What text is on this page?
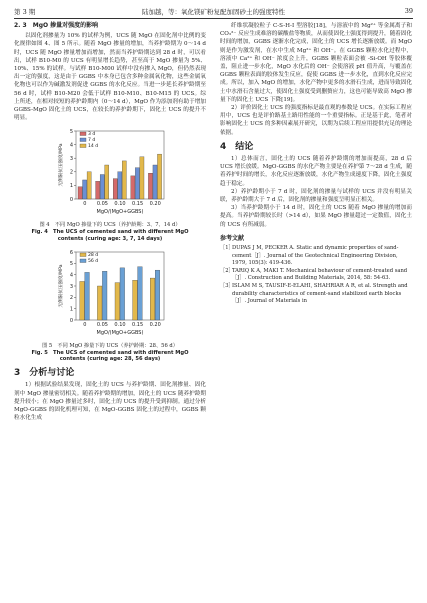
第 3 期	陆加越，等：氧化镁矿粉复配加固砂土的强度特性	39
2. 3　MgO 掺量对强度的影响

以固化剂掺量为 10% 的试样为例，UCS 随 MgO 在固化剂中比例的变化规律如图 4、图 5 所示。随着 MgO 掺量的增加，当养护龄期为 0～14 d 时，UCS 随 MgO 掺量增加而增加，然而当养护龄期达到 28 d 时，可以看出，试样 B10-M0 的 UCS 有明显增长趋势，甚至高于 MgO 掺量为 5%、10%、15% 的试样。与试样 B10-M00 试样中没有掺入 MgO，但仍然表现出一定的强度，这是由于 GGBS 中本身已包含多种金属氧化物，这些金属氧化物也可以作为碱激发剂促进 GGBS 的水化反应。当进一步延长养护龄期至 56 d 时，试样 B10-M20 会低于试样 B10-M10、B10-M15 的 UCS。综上所述，在相对较短的养护龄期内（0～14 d），MgO 作为添加剂有助于增加 GGBS-MgO 固化土的 UCS，在较长的养护龄期下，固化土 UCS 的提升不明显。

0
1
2
3
4
5
无侧限抗压强度/MPa
0 0.05 0.10 0.15 0.20
MgO/(MgO+GGBS)
3 d
7 d
14 d
图 4　不同 MgO 掺量下的 UCS（养护龄期：3、7、14 d）
Fig. 4　The UCS of cemented sand with different MgO
contents (curing age: 3, 7, 14 days)
0
1
2
3
4
5
6
无侧限抗压强度/MPa
0 0.05 0.10 0.15 0.20
MgO/(MgO+GGBS)
28 d
56 d
图 5　不同 MgO 掺量下的 UCS（养护龄期：28、56 d）
Fig. 5　The UCS of cemented sand with different MgO
contents (curing age: 28, 56 days)
3　分析与讨论

1）根据试验结果发现，固化土的 UCS 与养护龄期、固化剂掺量、固化剂中 MgO 掺量密切相关。随着养护龄期的增加，固化土的 UCS 随养护龄期提升较小；在 MgO 掺量过多时，固化土的 UCS 的提升受到抑制。通过分析 MgO-GGBS 的固化机理可知，在 MgO-GGBS 固化土的过程中，GGBS 颗粒水化生成

纤维状凝胶粒子 C-S-H-Ⅰ 型溶胶[18]，与溶液中的 Mg²⁺ 等金属离子和 CO₃²⁻ 反应生成难溶的碳酸盐等物质，从而使固化土强度得到提升，随着固化时间的增加，GGBS 逐渐水化完成，固化土的 UCS 增长逐渐放缓。而 MgO 则是作为激发剂，在水中生成 Mg²⁺ 和 OH⁻。在 GGBS 颗粒水化过程中，溶液中 Ca²⁺ 和 OH⁻ 浓度会上升，GGBS 颗粒表面会被 -Si-OH 等胶体覆盖，阻止进一步水化，MgO 水化后的 OH⁻ 会使溶液 pH 值升高，与覆盖在 GGBS 颗粒表面的胶体发生反应，促使 GGBS 进一步水化，直到水化反应完成。所以，加入 MgO 的增加，水化产物中更多的水滑石生成，进而导致固化土中水滑石含量过大，使固化土强度受到删赘应力，这也可能导致高 MgO 掺量下的固化土 UCS 下降[19]。

2）评价固化土 UCS 的强度指标是最直观的参数是 UCS。在实际工程应用中，UCS 也是评价路基土路用性能的一个重要指标。正是基于此，笔者对影响固化土 UCS 的多种因素展开研究，以期为后续工程应用提供充足的理论依据。

4　结论

1）总体而言，固化土的 UCS 随着养护龄期的增加而提高，28 d 后 UCS 增长放缓。MgO-GGBS 的水化产物主要是在养护第 7～28 d 生成，随着养护时间的增长，水化反应逐渐放缓，水化产物生成速度下降，固化土强度趋于稳定。

2）养护龄期小于 7 d 时，固化剂的掺量与试样的 UCS 并没有明显关联，养护龄期大于 7 d 后，固化剂的掺量和强度呈明显正相关。

3）当养护龄期小于 14 d 时，固化土的 UCS 随着 MgO 掺量的增加而提高。当养护龄期较长时（>14 d），如果 MgO 掺量超过一定数值，固化土的 UCS 有所减弱。

参考文献
［1］
DUPAS J M, PECKER A. Static and dynamic properties of sand-cement［J］. Journal of the Geotechnical Engineering Division, 1979, 105(3): 419-436.
［2］
TARIQ K A, MAKI T. Mechanical behaviour of cement-treated sand［J］. Construction and Building Materials, 2014, 58: 54-63.
［3］
ISLAM M S, TAUSIF-E-ELAHI, SHAHRIAR A R, et al. Strength and durability characteristics of cement-sand stabilized earth blocks［J］. Journal of Materials in
